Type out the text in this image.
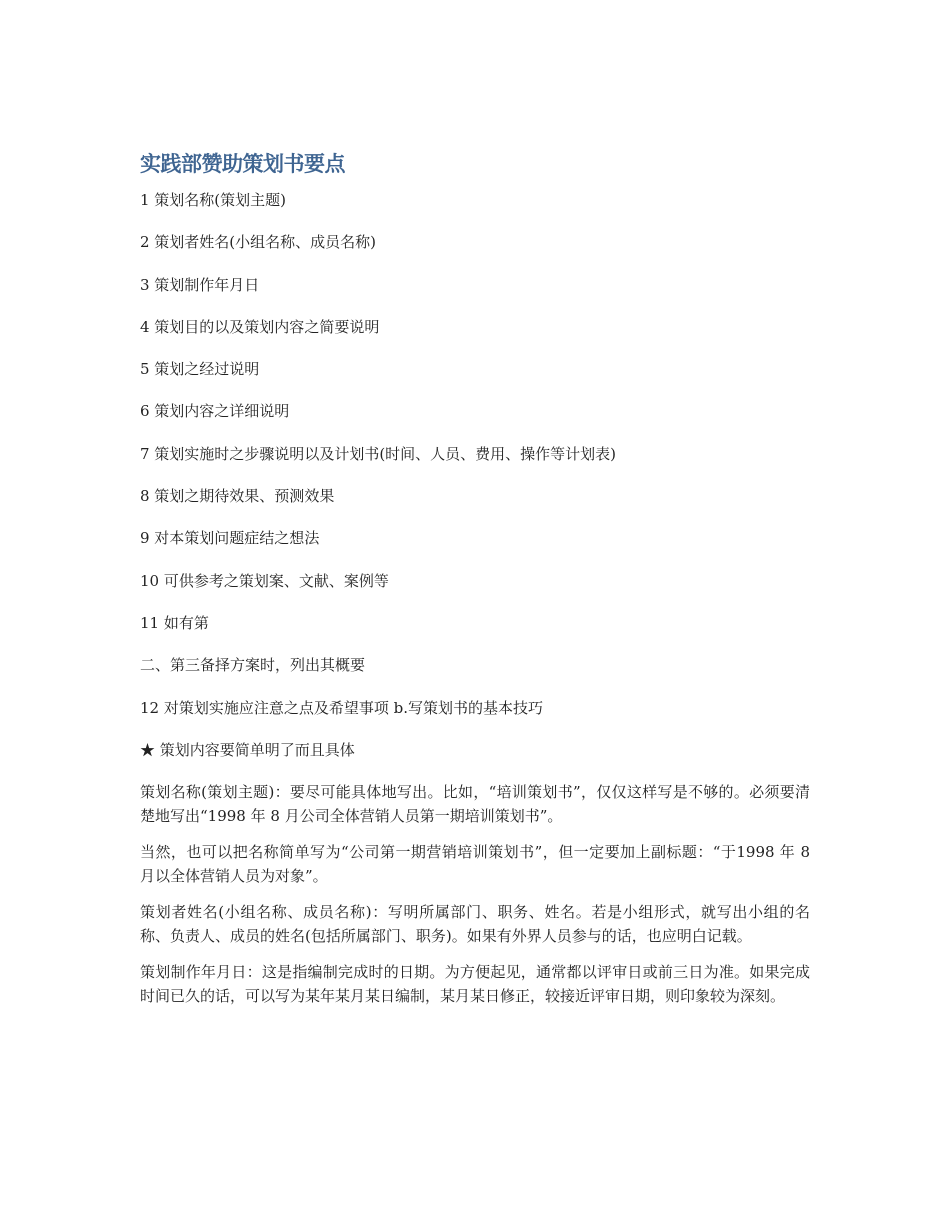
实践部赞助策划书要点

1 策划名称(策划主题)

2 策划者姓名(小组名称、成员名称)

3 策划制作年月日

4 策划目的以及策划内容之简要说明

5 策划之经过说明

6 策划内容之详细说明

7 策划实施时之步骤说明以及计划书(时间、人员、费用、操作等计划表)

8 策划之期待效果、预测效果

9 对本策划问题症结之想法

10 可供参考之策划案、文献、案例等

11 如有第

二、第三备择方案时，列出其概要

12 对策划实施应注意之点及希望事项 b.写策划书的基本技巧

★ 策划内容要简单明了而且具体

策划名称(策划主题)：要尽可能具体地写出。比如，“培训策划书”，仅仅这样写是不够的。必须要清楚地写出“1998 年 8 月公司全体营销人员第一期培训策划书”。

当然，也可以把名称简单写为“公司第一期营销培训策划书”，但一定要加上副标题：“于1998 年 8 月以全体营销人员为对象”。

策划者姓名(小组名称、成员名称)：写明所属部门、职务、姓名。若是小组形式，就写出小组的名称、负责人、成员的姓名(包括所属部门、职务)。如果有外界人员参与的话，也应明白记载。

策划制作年月日：这是指编制完成时的日期。为方便起见，通常都以评审日或前三日为准。如果完成时间已久的话，可以写为某年某月某日编制，某月某日修正，较接近评审日期，则印象较为深刻。
